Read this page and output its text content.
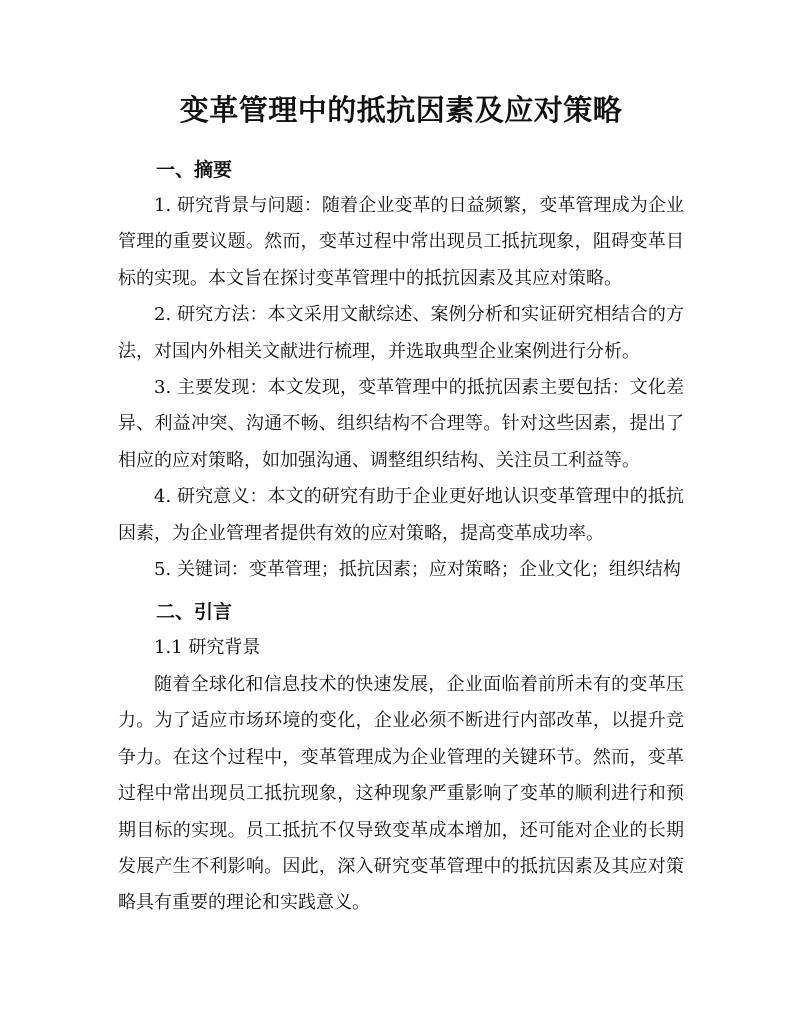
变革管理中的抵抗因素及应对策略
一、摘要

1. 研究背景与问题：随着企业变革的日益频繁，变革管理成为企业管理的重要议题。然而，变革过程中常出现员工抵抗现象，阻碍变革目标的实现。本文旨在探讨变革管理中的抵抗因素及其应对策略。

2. 研究方法：本文采用文献综述、案例分析和实证研究相结合的方法，对国内外相关文献进行梳理，并选取典型企业案例进行分析。

3. 主要发现：本文发现，变革管理中的抵抗因素主要包括：文化差异、利益冲突、沟通不畅、组织结构不合理等。针对这些因素，提出了相应的应对策略，如加强沟通、调整组织结构、关注员工利益等。

4. 研究意义：本文的研究有助于企业更好地认识变革管理中的抵抗因素，为企业管理者提供有效的应对策略，提高变革成功率。

5. 关键词：变革管理；抵抗因素；应对策略；企业文化；组织结构

二、引言

1.1 研究背景

随着全球化和信息技术的快速发展，企业面临着前所未有的变革压力。为了适应市场环境的变化，企业必须不断进行内部改革，以提升竞争力。在这个过程中，变革管理成为企业管理的关键环节。然而，变革过程中常出现员工抵抗现象，这种现象严重影响了变革的顺利进行和预期目标的实现。员工抵抗不仅导致变革成本增加，还可能对企业的长期发展产生不利影响。因此，深入研究变革管理中的抵抗因素及其应对策略具有重要的理论和实践意义。
